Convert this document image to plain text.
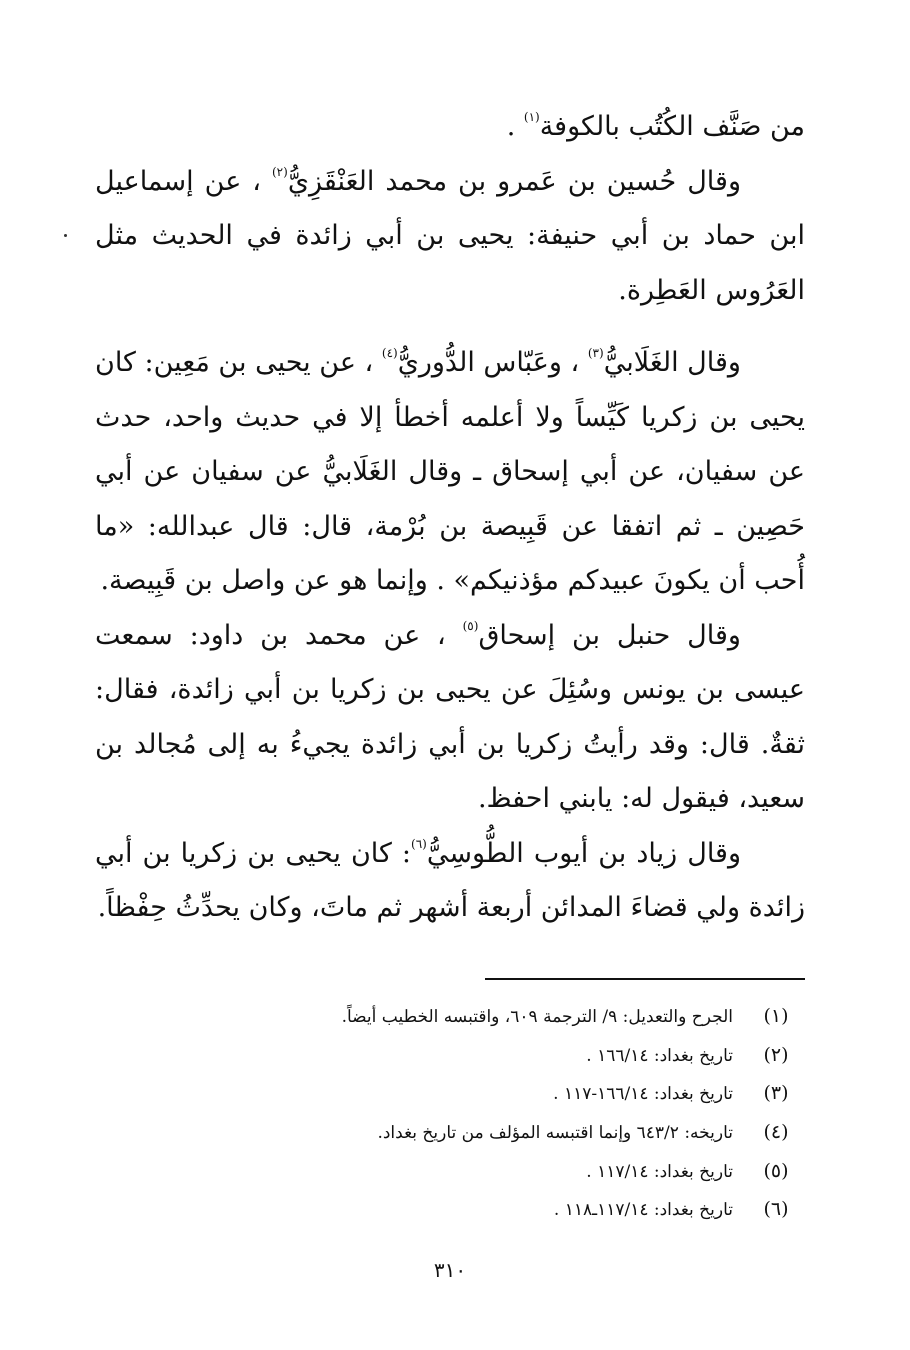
من صَنَّف الكُتُب بالكوفة$^{(١)}$ .

وقال حُسين بن عَمرو بن محمد العَنْقَزِيُّ$^{(٢)}$ ، عن إسماعيل ابن حماد بن أبي حنيفة: يحيى بن أبي زائدة في الحديث مثل العَرُوس العَطِرة.

وقال الغَلَابيُّ$^{(٣)}$ ، وعَبّاس الدُّوريُّ$^{(٤)}$ ، عن يحيى بن مَعِين: كان يحيى بن زكريا كَيِّساً ولا أعلمه أخطأ إلا في حديث واحد، حدث عن سفيان، عن أبي إسحاق ـ وقال الغَلَابيُّ عن سفيان عن أبي حَصِين ـ ثم اتفقا عن قَبِيصة بن بُرْمة، قال: قال عبدالله: «ما أُحب أن يكونَ عبيدكم مؤذنيكم» . وإنما هو عن واصل بن قَبِيصة.

وقال حنبل بن إسحاق$^{(٥)}$ ، عن محمد بن داود: سمعت عيسى بن يونس وسُئِلَ عن يحيى بن زكريا بن أبي زائدة، فقال: ثقةٌ. قال: وقد رأيتُ زكريا بن أبي زائدة يجيءُ به إلى مُجالد بن سعيد، فيقول له: يابني احفظ.

وقال زياد بن أيوب الطُّوسِيُّ$^{(٦)}$: كان يحيى بن زكريا بن أبي زائدة ولي قضاءَ المدائن أربعة أشهر ثم ماتَ، وكان يحدِّثُ حِفْظاً.

(١)
الجرح والتعديل: ٩/ الترجمة ٦٠٩، واقتبسه الخطيب أيضاً.
(٢)
تاريخ بغداد: ١٦٦/١٤ .
(٣)
تاريخ بغداد: ١٦٦/١٤-١١٧ .
(٤)
تاريخه: ٦٤٣/٢ وإنما اقتبسه المؤلف من تاريخ بغداد.
(٥)
تاريخ بغداد: ١١٧/١٤ .
(٦)
تاريخ بغداد: ١١٧/١٤ـ١١٨ .
٣١٠
